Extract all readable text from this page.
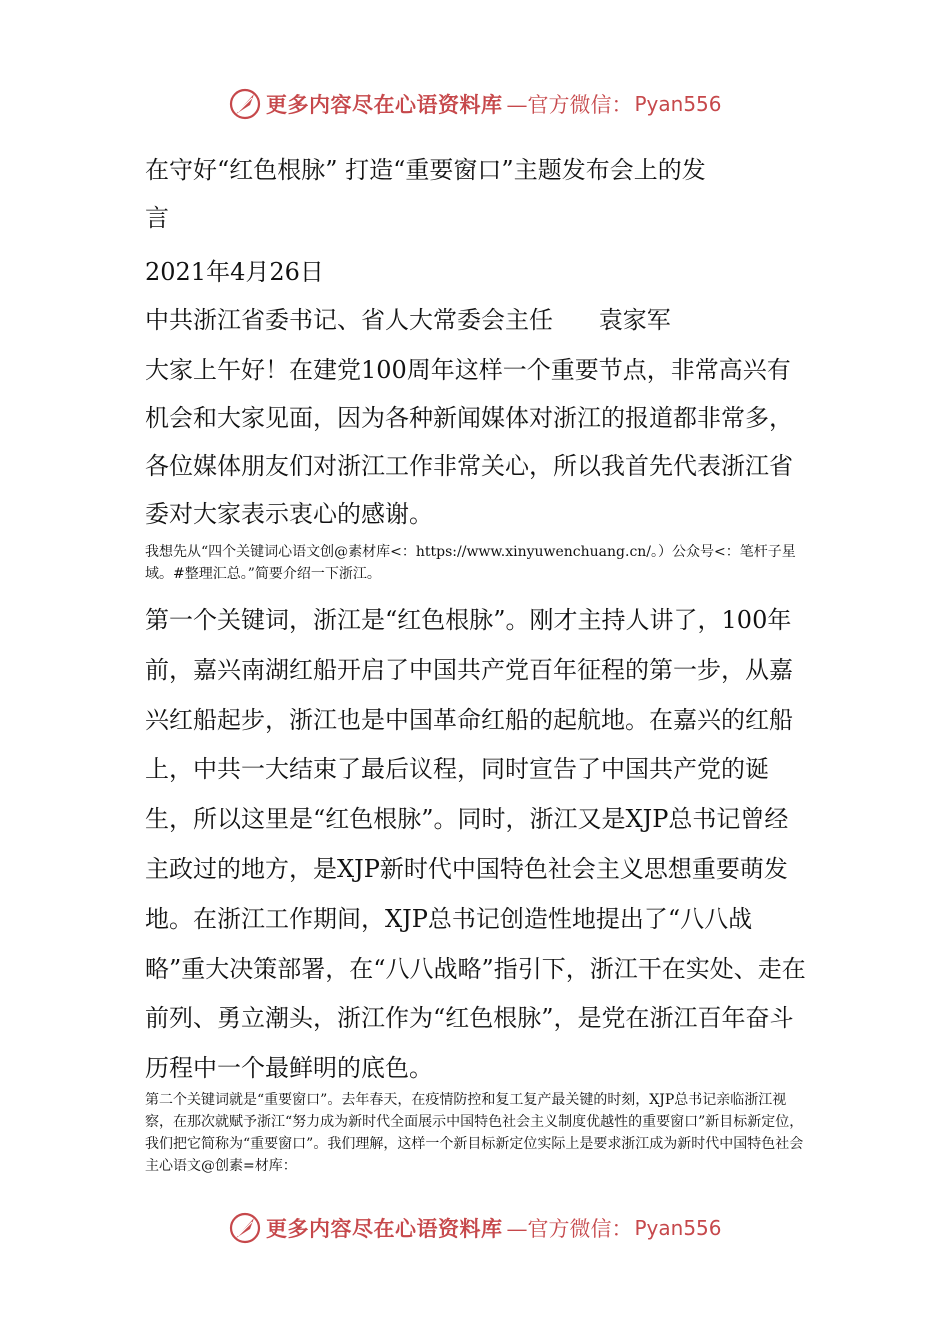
更多内容尽在心语资料库 —官方微信： Pyan556

在守好“红色根脉” 打造“重要窗口”主题发布会上的发

言

2021年4月26日

中共浙江省委书记、省人大常委会主任      袁家军

大家上午好！在建党100周年这样一个重要节点，非常高兴有机会和大家见面，因为各种新闻媒体对浙江的报道都非常多，各位媒体朋友们对浙江工作非常关心，所以我首先代表浙江省委对大家表示衷心的感谢。

我想先从“四个关键词心语文创@素材库<：https://www.xinyuwenchuang.cn/。）公众号<：笔杆子星域。#整理汇总。”简要介绍一下浙江。

第一个关键词，浙江是“红色根脉”。刚才主持人讲了，100年前，嘉兴南湖红船开启了中国共产党百年征程的第一步，从嘉兴红船起步，浙江也是中国革命红船的起航地。在嘉兴的红船上，中共一大结束了最后议程，同时宣告了中国共产党的诞生，所以这里是“红色根脉”。同时，浙江又是XJP总书记曾经主政过的地方，是XJP新时代中国特色社会主义思想重要萌发地。在浙江工作期间，XJP总书记创造性地提出了“八八战略”重大决策部署，在“八八战略”指引下，浙江干在实处、走在前列、勇立潮头，浙江作为“红色根脉”，是党在浙江百年奋斗历程中一个最鲜明的底色。

第二个关键词就是“重要窗口”。去年春天，在疫情防控和复工复产最关键的时刻，XJP总书记亲临浙江视察，在那次就赋予浙江“努力成为新时代全面展示中国特色社会主义制度优越性的重要窗口”新目标新定位，我们把它简称为“重要窗口”。我们理解，这样一个新目标新定位实际上是要求浙江成为新时代中国特色社会主心语文@创素=材库：

更多内容尽在心语资料库 —官方微信： Pyan556
